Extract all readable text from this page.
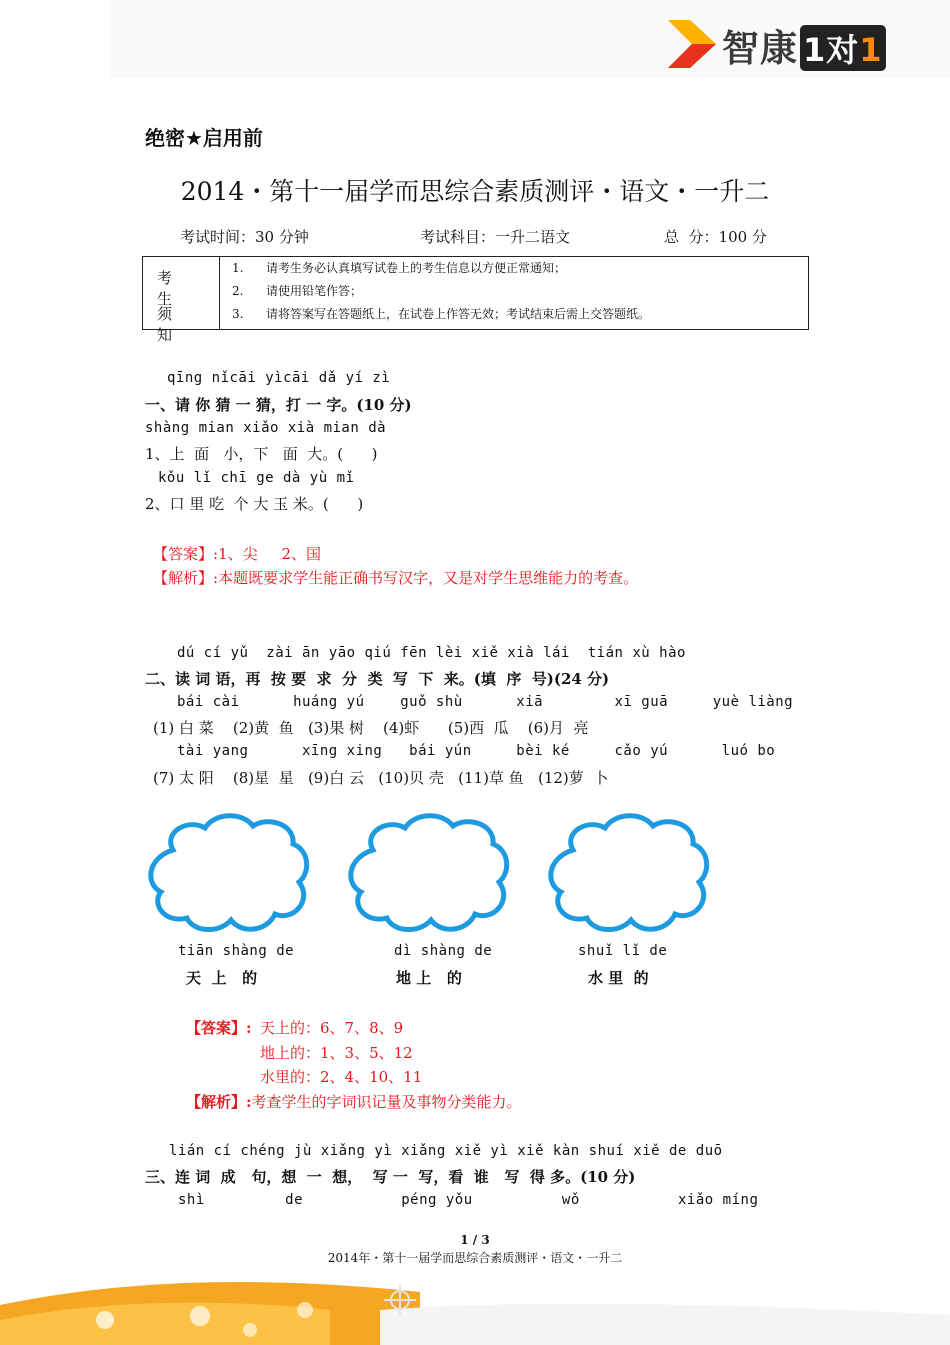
智康 1对1
绝密★启用前
2014・第十一届学而思综合素质测评・语文・一升二
考试时间：30 分钟	考试科目：一升二语文	总  分：100 分
考生
须知

1. 请考生务必认真填写试卷上的考生信息以方便正常通知；
2. 请使用铅笔作答；
3. 请将答案写在答题纸上，在试卷上作答无效；考试结束后需上交答题纸。
qīng nǐcāi yìcāi dǎ yí zì
一、请 你 猜 一 猜，打 一 字。(10 分)
shàng mian xiǎo xià mian dà
1、上  面   小，下   面  大。(      )
kǒu lǐ chī ge dà yù mǐ
2、口 里 吃  个 大 玉 米。(      )
【答案】:1、尖     2、国
【解析】:本题既要求学生能正确书写汉字，又是对学生思维能力的考查。
dú cí yǔ  zài ān yāo qiú fēn lèi xiě xià lái  tián xù hào
二、读 词 语，再  按 要  求  分  类  写  下  来。(填  序  号)(24 分)
bái cài      huáng yú    guǒ shù      xiā        xī guā     yuè liàng
(1) 白 菜    (2)黄  鱼   (3)果 树    (4)虾      (5)西  瓜    (6)月  亮
tài yang      xīng xing   bái yún     bèi ké     cǎo yú      luó bo
(7) 太 阳    (8)星  星   (9)白 云   (10)贝 壳   (11)草 鱼   (12)萝  卜
tiān shàng de
天  上   的
dì shàng de
地 上   的
shuǐ lǐ de
水 里  的
【答案】: 天上的：6、7、8、9
地上的：1、3、5、12
水里的：2、4、10、11
【解析】:考查学生的字词识记量及事物分类能力。
lián cí chéng jù xiǎng yì xiǎng xiě yì xiě kàn shuí xiě de duō
三、连 词  成   句，想  一  想，  写 一  写，看  谁   写  得 多。(10 分)
shì         de           péng yǒu          wǒ           xiǎo míng
1 / 3
2014年・第十一届学而思综合素质测评・语文・一升二
